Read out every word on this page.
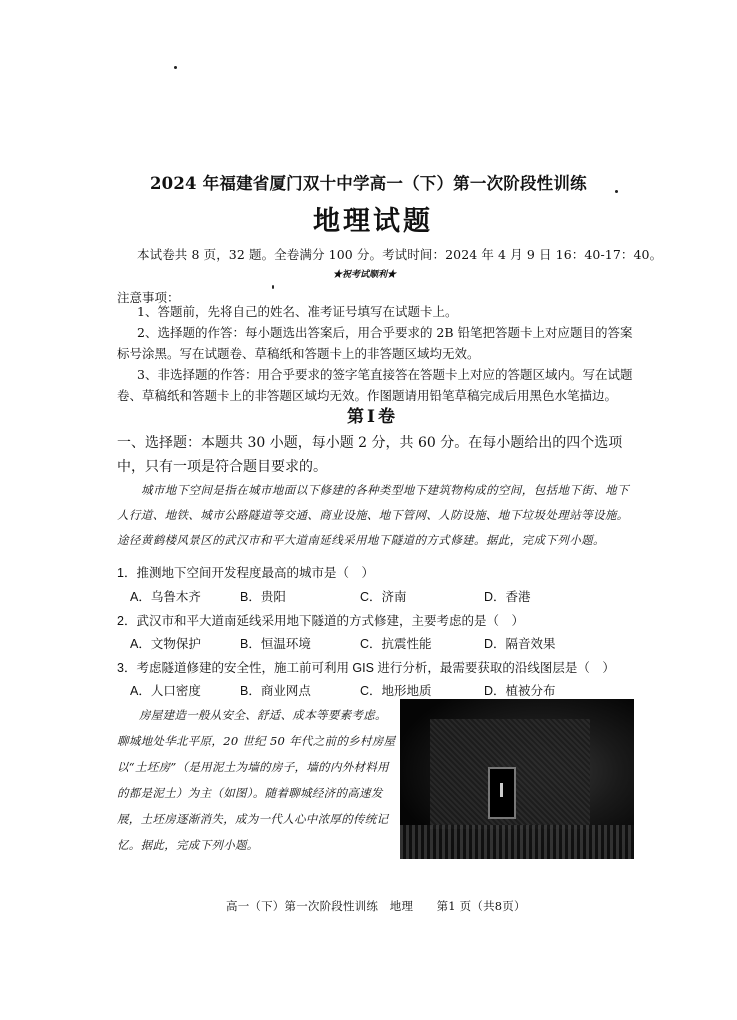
2024 年福建省厦门双十中学高一（下）第一次阶段性训练
地理试题
本试卷共 8 页，32 题。全卷满分 100 分。考试时间：2024 年 4 月 9 日 16：40-17：40。
★祝考试顺利★
注意事项：
1、答题前，先将自己的姓名、准考证号填写在试题卡上。
2、选择题的作答：每小题选出答案后，用合乎要求的 2B 铅笔把答题卡上对应题目的答案标号涂黑。写在试题卷、草稿纸和答题卡上的非答题区域均无效。
3、非选择题的作答：用合乎要求的签字笔直接答在答题卡上对应的答题区域内。写在试题卷、草稿纸和答题卡上的非答题区域均无效。作图题请用铅笔草稿完成后用黑色水笔描边。
第Ⅰ卷
一、选择题：本题共 30 小题，每小题 2 分，共 60 分。在每小题给出的四个选项中，只有一项是符合题目要求的。
城市地下空间是指在城市地面以下修建的各种类型地下建筑物构成的空间，包括地下街、地下人行道、地铁、城市公路隧道等交通、商业设施、地下管网、人防设施、地下垃圾处理站等设施。途径黄鹤楼风景区的武汉市和平大道南延线采用地下隧道的方式修建。据此，完成下列小题。
1．推测地下空间开发程度最高的城市是（　）
A．乌鲁木齐	B．贵阳	C．济南	D．香港
2．武汉市和平大道南延线采用地下隧道的方式修建，主要考虑的是（　）
A．文物保护	B．恒温环境	C．抗震性能	D．隔音效果
3．考虑隧道修建的安全性，施工前可利用 GIS 进行分析，最需要获取的沿线图层是（　）
A．人口密度	B．商业网点	C．地形地质	D．植被分布
房屋建造一般从安全、舒适、成本等要素考虑。聊城地处华北平原，20 世纪 50 年代之前的乡村房屋以“土坯房”（是用泥土为墙的房子，墙的内外材料用的都是泥土）为主（如图）。随着聊城经济的高速发展，土坯房逐渐消失，成为一代人心中浓厚的传统记忆。据此，完成下列小题。
高一（下）第一次阶段性训练　地理　　第1 页（共8页）
